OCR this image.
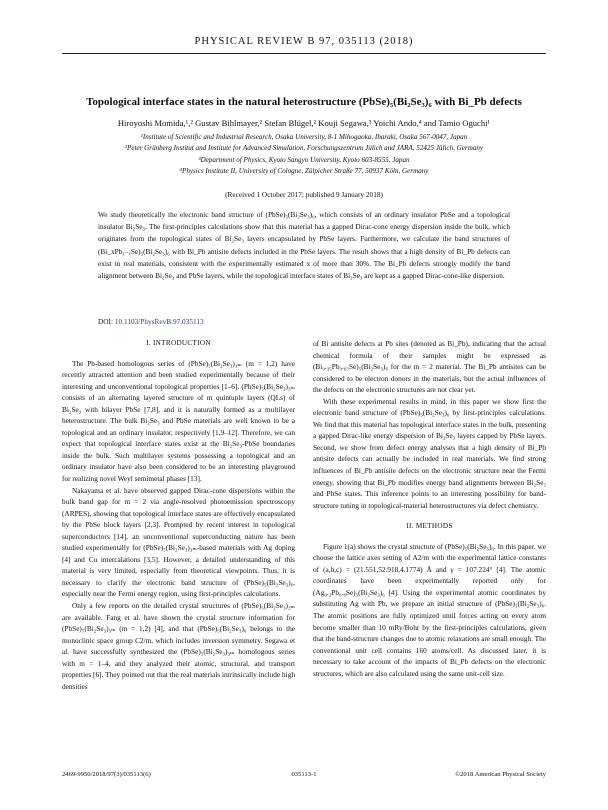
PHYSICAL REVIEW B 97, 035113 (2018)
Topological interface states in the natural heterostructure (PbSe)₅(Bi₂Se₃)₆ with Bi_Pb defects
Hiroyoshi Momida,¹,² Gustav Bihlmayer,² Stefan Blügel,² Kouji Segawa,³ Yoichi Ando,⁴ and Tamio Oguchi¹
¹Institute of Scientific and Industrial Research, Osaka University, 8-1 Mihogaoka, Ibaraki, Osaka 567-0047, Japan
²Peter Grünberg Institut and Institute for Advanced Simulation, Forschungszentrum Jülich and JARA, 52425 Jülich, Germany
³Department of Physics, Kyoto Sangyo University, Kyoto 603-8555, Japan
⁴Physics Institute II, University of Cologne, Zülpicher Straße 77, 50937 Köln, Germany
(Received 1 October 2017; published 9 January 2018)
We study theoretically the electronic band structure of (PbSe)₅(Bi₂Se₃)₆, which consists of an ordinary insulator PbSe and a topological insulator Bi₂Se₃. The first-principles calculations show that this material has a gapped Dirac-cone energy dispersion inside the bulk, which originates from the topological states of Bi₂Se₃ layers encapsulated by PbSe layers. Furthermore, we calculate the band structures of (Bi_xPb₁₋ₓSe)₅(Bi₂Se₃)₆ with Bi_Pb antisite defects included in the PbSe layers. The result shows that a high density of Bi_Pb defects can exist in real materials, consistent with the experimentally estimated x of more than 30%. The Bi_Pb defects strongly modify the band alignment between Bi₂Se₃ and PbSe layers, while the topological interface states of Bi₂Se₃ are kept as a gapped Dirac-cone-like dispersion.
DOI: 10.1103/PhysRevB.97.035113
I. INTRODUCTION

The Pb-based homologous series of (PbSe)₅(Bi₂Se₃)₃ₘ (m = 1,2) have recently attracted attention and been studied experimentally because of their interesting and unconventional topological properties [1–6]. (PbSe)₅(Bi₂Se₃)₃ₘ consists of an alternating layered structure of m quintuple layers (QLs) of Bi₂Se₃ with bilayer PbSe [7,8], and it is naturally formed as a multilayer heterostructure. The bulk Bi₂Se₃ and PbSe materials are well known to be a topological and an ordinary insulator, respectively [1,9–12]. Therefore, we can expect that topological interface states exist at the Bi₂Se₃-PbSe boundaries inside the bulk. Such multilayer systems possessing a topological and an ordinary insulator have also been considered to be an interesting playground for realizing novel Weyl semimetal phases [13].

Nakayama et al. have observed gapped Dirac-cone dispersions within the bulk band gap for m = 2 via angle-resolved photoemission spectroscopy (ARPES), showing that topological interface states are effectively encapsulated by the PbSe block layers [2,3]. Prompted by recent interest in topological superconductors [14], an unconventional superconducting nature has been studied experimentally for (PbSe)₅(Bi₂Se₃)₃ₘ-based materials with Ag doping [4] and Cu intercalations [3,5]. However, a detailed understanding of this material is very limited, especially from theoretical viewpoints. Thus, it is necessary to clarify the electronic band structure of (PbSe)₅(Bi₂Se₃)₆, especially near the Fermi energy region, using first-principles calculations.

Only a few reports on the detailed crystal structures of (PbSe)₅(Bi₂Se₃)₃ₘ are available. Fang et al. have shown the crystal structure information for (PbSe)₅(Bi₂Se₃)₃ₘ (m = 1,2) [4], and that (PbSe)₅(Bi₂Se₃)₆ belongs to the monoclinic space group C2/m, which includes inversion symmetry. Segawa et al. have successfully synthesized the (PbSe)₅(Bi₂Se₃)₃ₘ homologous series with m = 1–4, and they analyzed their atomic, structural, and transport properties [6]. They pointed out that the real materials intrinsically include high densities

of Bi antisite defects at Pb sites (denoted as Bi_Pb), indicating that the actual chemical formula of their samples might be expressed as (Bi₀.₃₅Pb₀.₆₅Se)₅(Bi₂Se₃)₆ for the m = 2 material. The Bi_Pb antisites can be considered to be electron donors in the materials, but the actual influences of the defects on the electronic structures are not clear yet.

With these experimental results in mind, in this paper we show first the electronic band structure of (PbSe)₅(Bi₂Se₃)₆ by first-principles calculations. We find that this material has topological interface states in the bulk, presenting a gapped Dirac-like energy dispersion of Bi₂Se₃ layers capped by PbSe layers. Second, we show from defect energy analyses that a high density of Bi_Pb antisite defects can actually be included in real materials. We find strong influences of Bi_Pb antisite defects on the electronic structure near the Fermi energy, showing that Bi_Pb modifies energy band alignments between Bi₂Se₃ and PbSe states. This inference points to an interesting possibility for band-structure tuning in topological-material heterostructures via defect chemistry.

II. METHODS

Figure 1(a) shows the crystal structure of (PbSe)₅(Bi₂Se₃)₆. In this paper, we choose the lattice axes setting of A2/m with the experimental lattice constants of (a,b,c) = (21.551,52.918,4.1774) Å and γ = 107.224° [4]. The atomic coordinates have been experimentally reported only for (Ag₀.₂Pb₀.₈Se)₅(Bi₂Se₃)₆ [4]. Using the experimental atomic coordinates by substituting Ag with Pb, we prepare an initial structure of (PbSe)₅(Bi₂Se₃)₆. The atomic positions are fully optimized until forces acting on every atom become smaller than 10 mRy/Bohr by the first-principles calculations, given that the band-structure changes due to atomic relaxations are small enough. The conventional unit cell contains 160 atoms/cell. As discussed later, it is necessary to take account of the impacts of Bi_Pb defects on the electronic structures, which are also calculated using the same unit-cell size.

2469-9950/2018/97(3)/035113(6)	035113-1	©2018 American Physical Society
